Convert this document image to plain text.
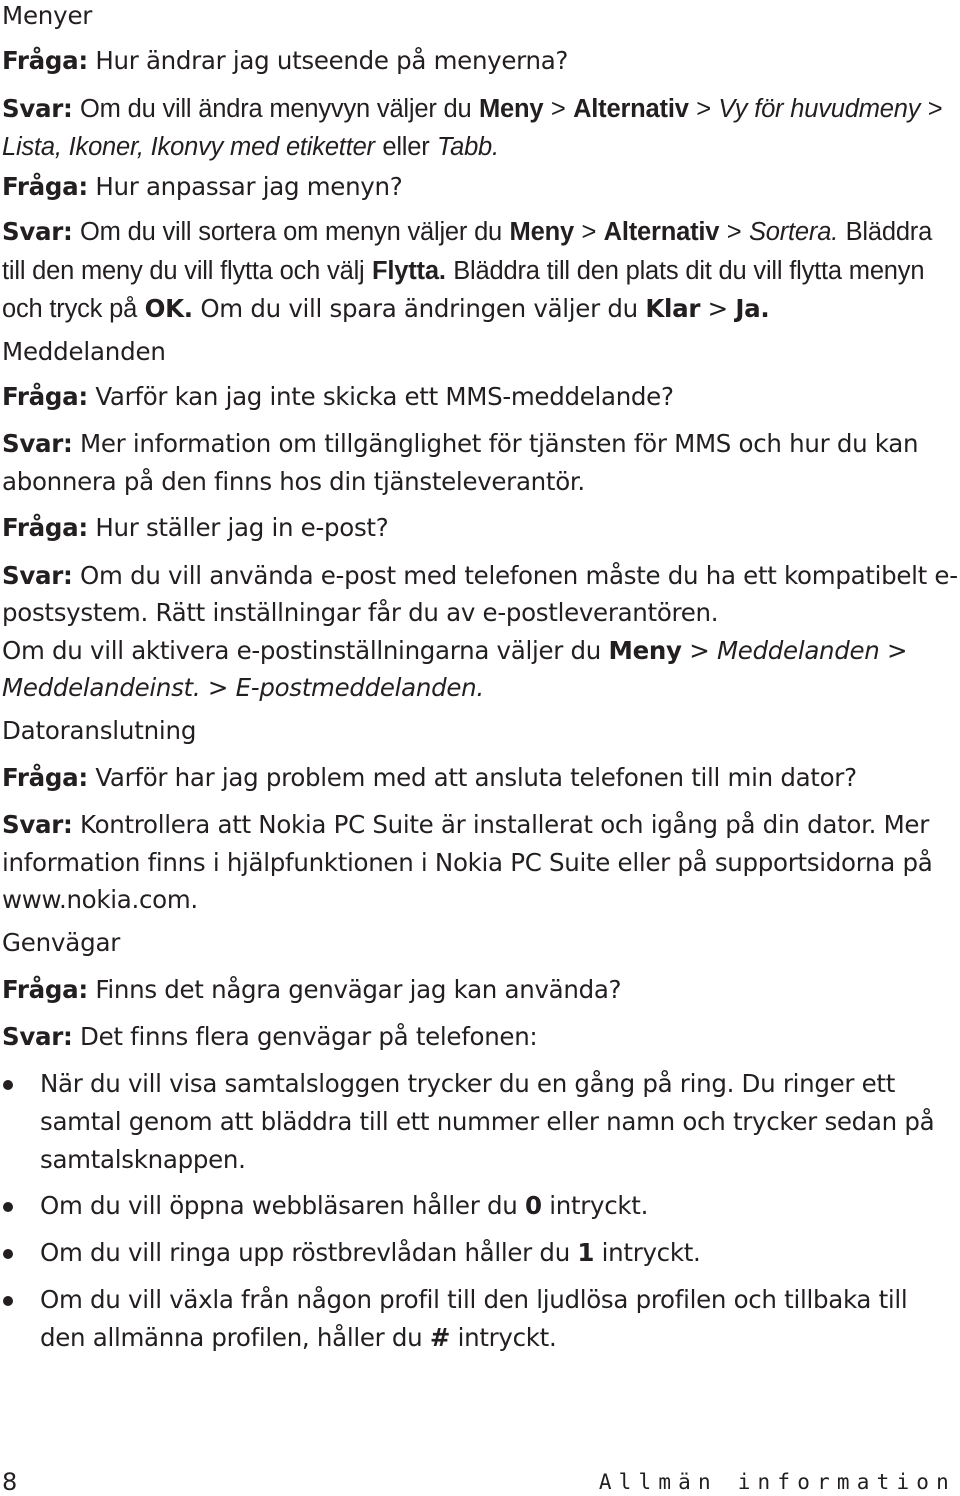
Menyer

Fråga: Hur ändrar jag utseende på menyerna?

Svar: Om du vill ändra menyvyn väljer du Meny > Alternativ > Vy för huvudmeny > Lista, Ikoner, Ikonvy med etiketter eller Tabb.

Fråga: Hur anpassar jag menyn?

Svar: Om du vill sortera om menyn väljer du Meny > Alternativ > Sortera. Bläddra till den meny du vill flytta och välj Flytta. Bläddra till den plats dit du vill flytta menyn och tryck på OK. Om du vill spara ändringen väljer du Klar > Ja.

Meddelanden

Fråga: Varför kan jag inte skicka ett MMS-meddelande?

Svar: Mer information om tillgänglighet för tjänsten för MMS och hur du kan abonnera på den finns hos din tjänsteleverantör.

Fråga: Hur ställer jag in e-post?

Svar: Om du vill använda e-post med telefonen måste du ha ett kompatibelt e-postsystem. Rätt inställningar får du av e-postleverantören.

Om du vill aktivera e-postinställningarna väljer du Meny > Meddelanden > Meddelandeinst. > E-postmeddelanden.

Datoranslutning

Fråga: Varför har jag problem med att ansluta telefonen till min dator?

Svar: Kontrollera att Nokia PC Suite är installerat och igång på din dator. Mer information finns i hjälpfunktionen i Nokia PC Suite eller på supportsidorna på www.nokia.com.

Genvägar

Fråga: Finns det några genvägar jag kan använda?

Svar: Det finns flera genvägar på telefonen:

När du vill visa samtalsloggen trycker du en gång på ring. Du ringer ett samtal genom att bläddra till ett nummer eller namn och trycker sedan på samtalsknappen.
Om du vill öppna webbläsaren håller du 0 intryckt.
Om du vill ringa upp röstbrevlådan håller du 1 intryckt.
Om du vill växla från någon profil till den ljudlösa profilen och tillbaka till den allmänna profilen, håller du # intryckt.
8	Allmän information
